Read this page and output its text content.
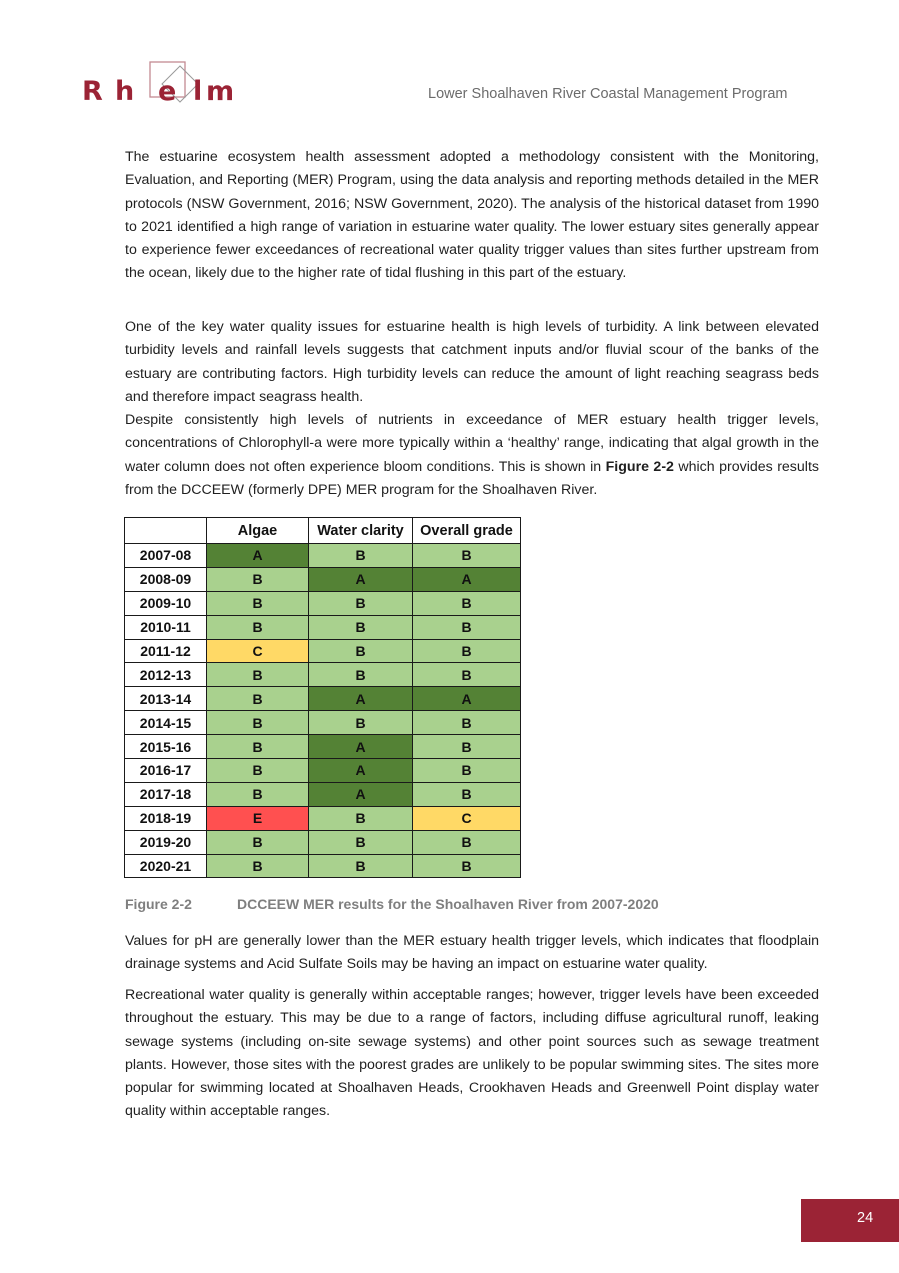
R h e l m	Lower Shoalhaven River Coastal Management Program

The estuarine ecosystem health assessment adopted a methodology consistent with the Monitoring, Evaluation, and Reporting (MER) Program, using the data analysis and reporting methods detailed in the MER protocols (NSW Government, 2016; NSW Government, 2020). The analysis of the historical dataset from 1990 to 2021 identified a high range of variation in estuarine water quality. The lower estuary sites generally appear to experience fewer exceedances of recreational water quality trigger values than sites further upstream from the ocean, likely due to the higher rate of tidal flushing in this part of the estuary.

One of the key water quality issues for estuarine health is high levels of turbidity. A link between elevated turbidity levels and rainfall levels suggests that catchment inputs and/or fluvial scour of the banks of the estuary are contributing factors. High turbidity levels can reduce the amount of light reaching seagrass beds and therefore impact seagrass health.

Despite consistently high levels of nutrients in exceedance of MER estuary health trigger levels, concentrations of Chlorophyll-a were more typically within a ‘healthy’ range, indicating that algal growth in the water column does not often experience bloom conditions. This is shown in Figure 2-2 which provides results from the DCCEEW (formerly DPE) MER program for the Shoalhaven River.

	Algae	Water clarity	Overall grade
2007-08	A	B	B
2008-09	B	A	A
2009-10	B	B	B
2010-11	B	B	B
2011-12	C	B	B
2012-13	B	B	B
2013-14	B	A	A
2014-15	B	B	B
2015-16	B	A	B
2016-17	B	A	B
2017-18	B	A	B
2018-19	E	B	C
2019-20	B	B	B
2020-21	B	B	B
Figure 2-2	DCCEEW MER results for the Shoalhaven River from 2007-2020

Values for pH are generally lower than the MER estuary health trigger levels, which indicates that floodplain drainage systems and Acid Sulfate Soils may be having an impact on estuarine water quality.

Recreational water quality is generally within acceptable ranges; however, trigger levels have been exceeded throughout the estuary. This may be due to a range of factors, including diffuse agricultural runoff, leaking sewage systems (including on-site sewage systems) and other point sources such as sewage treatment plants. However, those sites with the poorest grades are unlikely to be popular swimming sites. The sites more popular for swimming located at Shoalhaven Heads, Crookhaven Heads and Greenwell Point display water quality within acceptable ranges.

24
